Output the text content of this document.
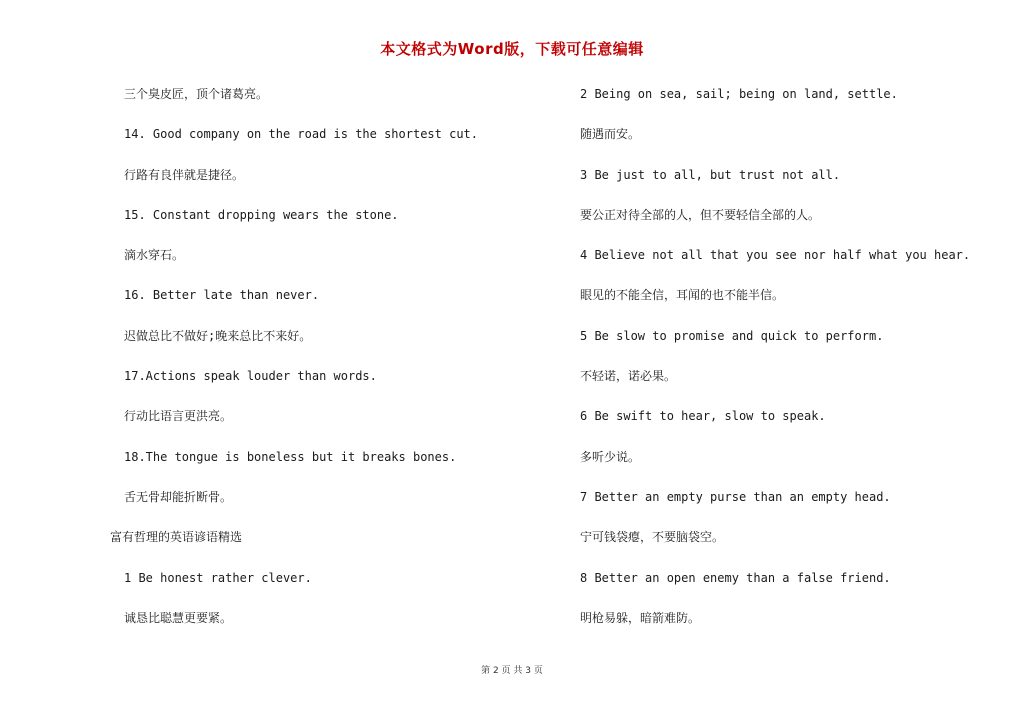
本文格式为Word版，下载可任意编辑
三个臭皮匠，顶个诸葛亮。
14. Good company on the road is the shortest cut.
行路有良伴就是捷径。
15. Constant dropping wears the stone.
滴水穿石。
16. Better late than never.
迟做总比不做好;晚来总比不来好。
17.Actions speak louder than words.
行动比语言更洪亮。
18.The tongue is boneless but it breaks bones.
舌无骨却能折断骨。
富有哲理的英语谚语精选
1 Be honest rather clever.
诚恳比聪慧更要紧。
2 Being on sea, sail; being on land, settle.
随遇而安。
3 Be just to all, but trust not all.
要公正对待全部的人，但不要轻信全部的人。
4 Believe not all that you see nor half what you hear.
眼见的不能全信，耳闻的也不能半信。
5 Be slow to promise and quick to perform.
不轻诺，诺必果。
6 Be swift to hear, slow to speak.
多听少说。
7 Better an empty purse than an empty head.
宁可钱袋瘪，不要脑袋空。
8 Better an open enemy than a false friend.
明枪易躲，暗箭难防。
第 2 页 共 3 页
